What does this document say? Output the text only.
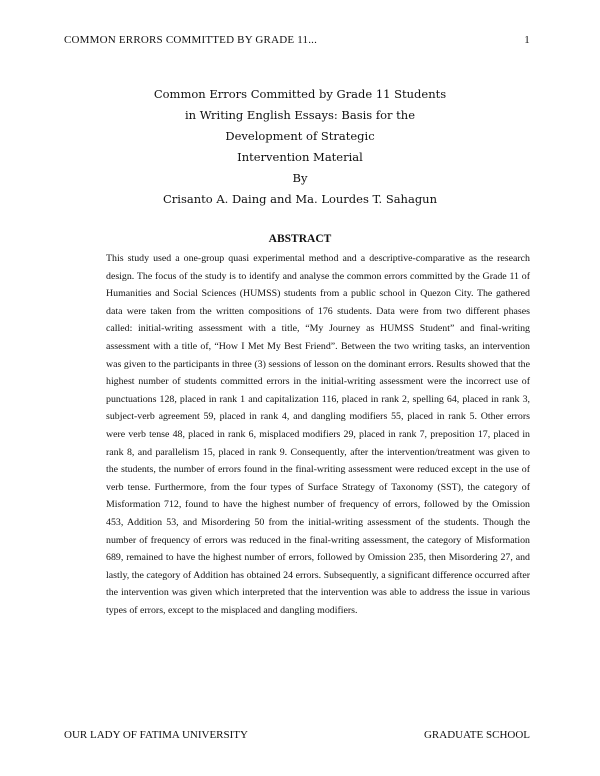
COMMON ERRORS COMMITTED BY GRADE 11...	1
Common Errors Committed by Grade 11 Students
in Writing English Essays: Basis for the
Development of Strategic
Intervention Material
By
Crisanto A. Daing and Ma. Lourdes T. Sahagun
ABSTRACT

This study used a one-group quasi experimental method and a descriptive-comparative as the research design. The focus of the study is to identify and analyse the common errors committed by the Grade 11 of Humanities and Social Sciences (HUMSS) students from a public school in Quezon City. The gathered data were taken from the written compositions of 176 students. Data were from two different phases called: initial-writing assessment with a title, “My Journey as HUMSS Student” and final-writing assessment with a title of, “How I Met My Best Friend”. Between the two writing tasks, an intervention was given to the participants in three (3) sessions of lesson on the dominant errors. Results showed that the highest number of students committed errors in the initial-writing assessment were the incorrect use of punctuations 128, placed in rank 1 and capitalization 116, placed in rank 2, spelling 64, placed in rank 3, subject-verb agreement 59, placed in rank 4, and dangling modifiers 55, placed in rank 5. Other errors were verb tense 48, placed in rank 6, misplaced modifiers 29, placed in rank 7, preposition 17, placed in rank 8, and parallelism 15, placed in rank 9. Consequently, after the intervention/treatment was given to the students, the number of errors found in the final-writing assessment were reduced except in the use of verb tense. Furthermore, from the four types of Surface Strategy of Taxonomy (SST), the category of Misformation 712, found to have the highest number of frequency of errors, followed by the Omission 453, Addition 53, and Misordering 50 from the initial-writing assessment of the students. Though the number of frequency of errors was reduced in the final-writing assessment, the category of Misformation 689, remained to have the highest number of errors, followed by Omission 235, then Misordering 27, and lastly, the category of Addition has obtained 24 errors. Subsequently, a significant difference occurred after the intervention was given which interpreted that the intervention was able to address the issue in various types of errors, except to the misplaced and dangling modifiers.

OUR LADY OF FATIMA UNIVERSITY	GRADUATE SCHOOL
